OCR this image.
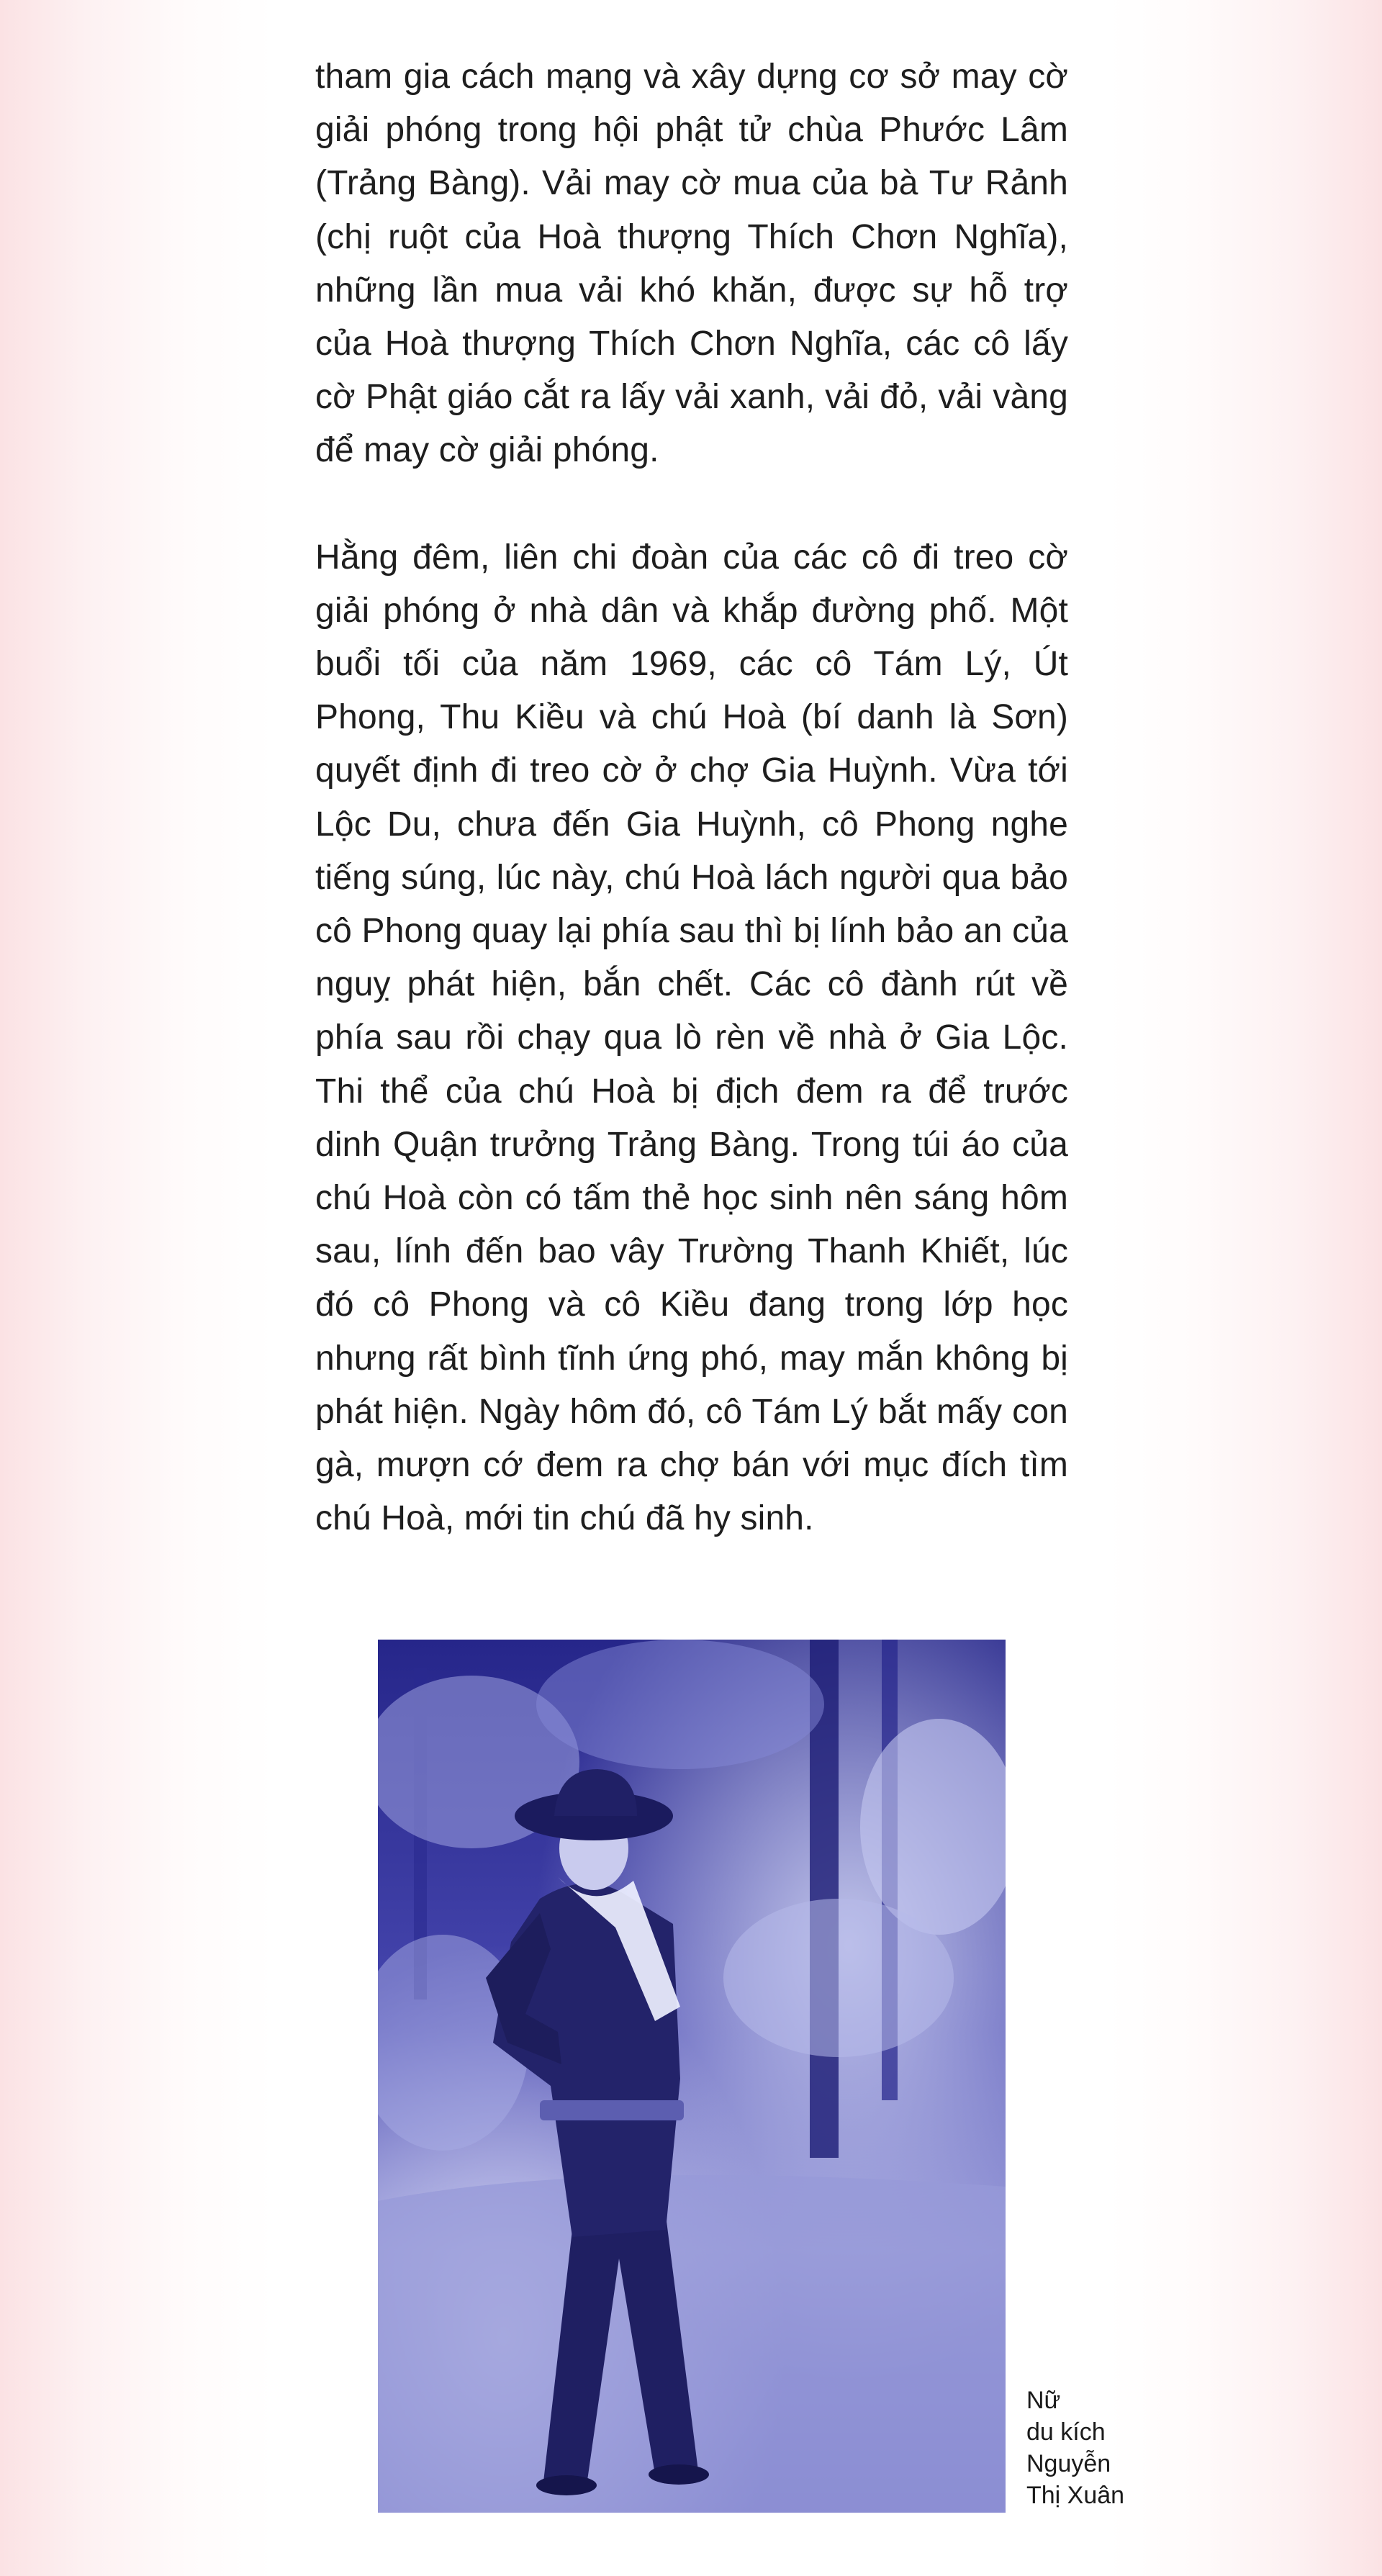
tham gia cách mạng và xây dựng cơ sở may cờ giải phóng trong hội phật tử chùa Phước Lâm (Trảng Bàng). Vải may cờ mua của bà Tư Rảnh (chị ruột của Hoà thượng Thích Chơn Nghĩa), những lần mua vải khó khăn, được sự hỗ trợ của Hoà thượng Thích Chơn Nghĩa, các cô lấy cờ Phật giáo cắt ra lấy vải xanh, vải đỏ, vải vàng để may cờ giải phóng.

Hằng đêm, liên chi đoàn của các cô đi treo cờ giải phóng ở nhà dân và khắp đường phố. Một buổi tối của năm 1969, các cô Tám Lý, Út Phong, Thu Kiều và chú Hoà (bí danh là Sơn) quyết định đi treo cờ ở chợ Gia Huỳnh. Vừa tới Lộc Du, chưa đến Gia Huỳnh, cô Phong nghe tiếng súng, lúc này, chú Hoà lách người qua bảo cô Phong quay lại phía sau thì bị lính bảo an của nguỵ phát hiện, bắn chết. Các cô đành rút về phía sau rồi chạy qua lò rèn về nhà ở Gia Lộc. Thi thể của chú Hoà bị địch đem ra để trước dinh Quận trưởng Trảng Bàng. Trong túi áo của chú Hoà còn có tấm thẻ học sinh nên sáng hôm sau, lính đến bao vây Trường Thanh Khiết, lúc đó cô Phong và cô Kiều đang trong lớp học nhưng rất bình tĩnh ứng phó, may mắn không bị phát hiện. Ngày hôm đó, cô Tám Lý bắt mấy con gà, mượn cớ đem ra chợ bán với mục đích tìm chú Hoà, mới tin chú đã hy sinh.

Nữ
du kích
Nguyễn
Thị Xuân
